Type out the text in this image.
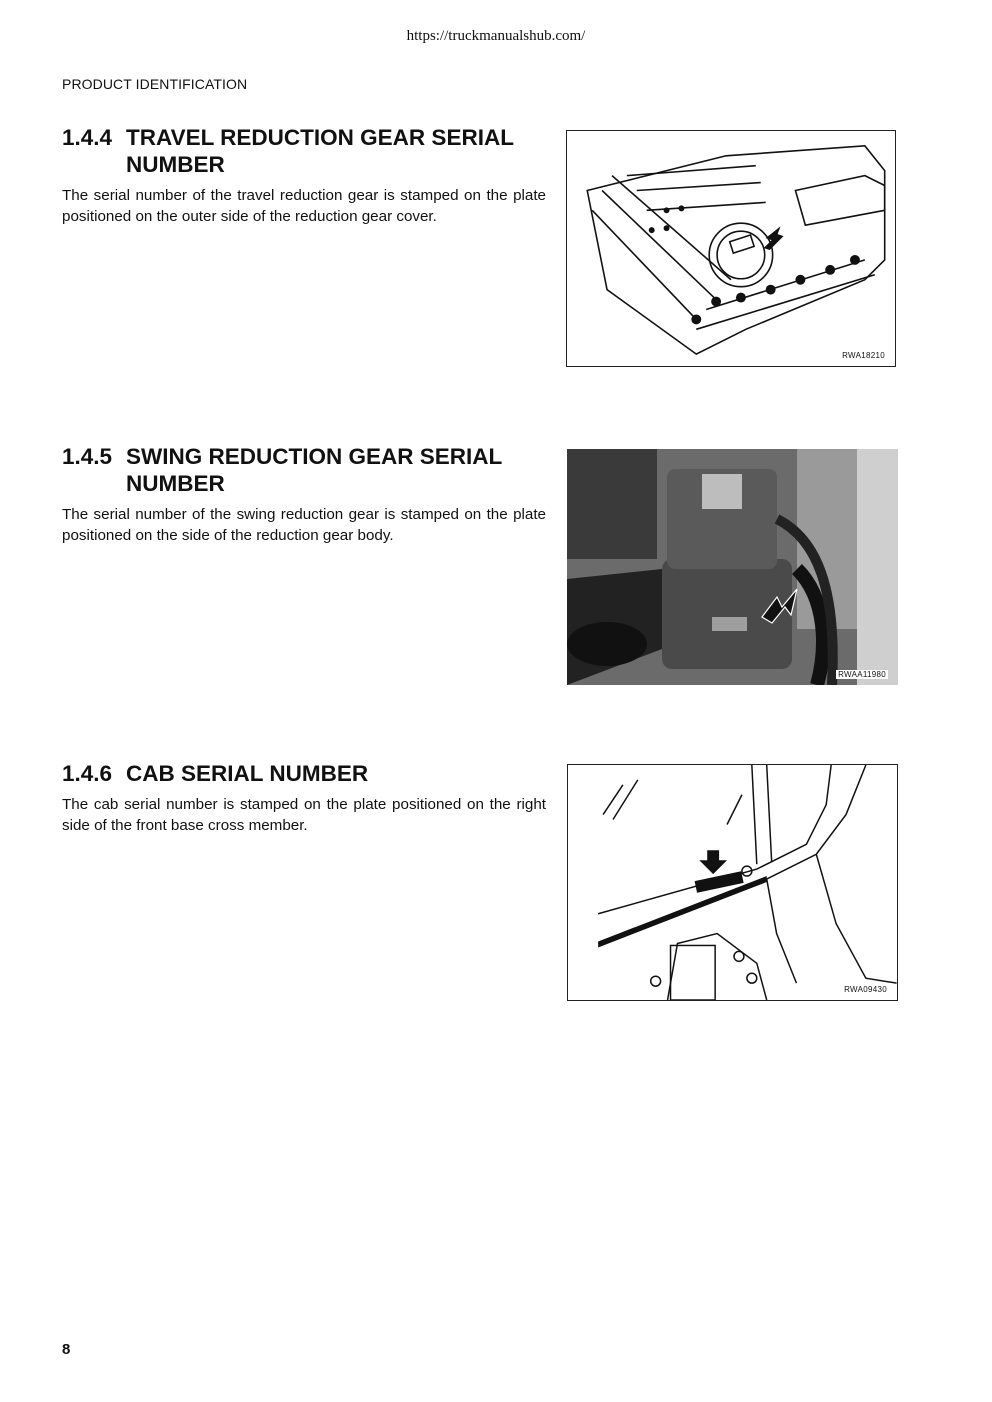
https://truckmanualshub.com/
PRODUCT IDENTIFICATION
1.4.4 TRAVEL REDUCTION GEAR SERIAL NUMBER

The serial number of the travel reduction gear is stamped on the plate positioned on the outer side of the reduction gear cover.

RWA18210
1.4.5 SWING REDUCTION GEAR SERIAL NUMBER

The serial number of the swing reduction gear is stamped on the plate positioned on the side of the reduction gear body.

RWAA11980
1.4.6 CAB SERIAL NUMBER

The cab serial number is stamped on the plate positioned on the right side of the front base cross member.

RWA09430
8
